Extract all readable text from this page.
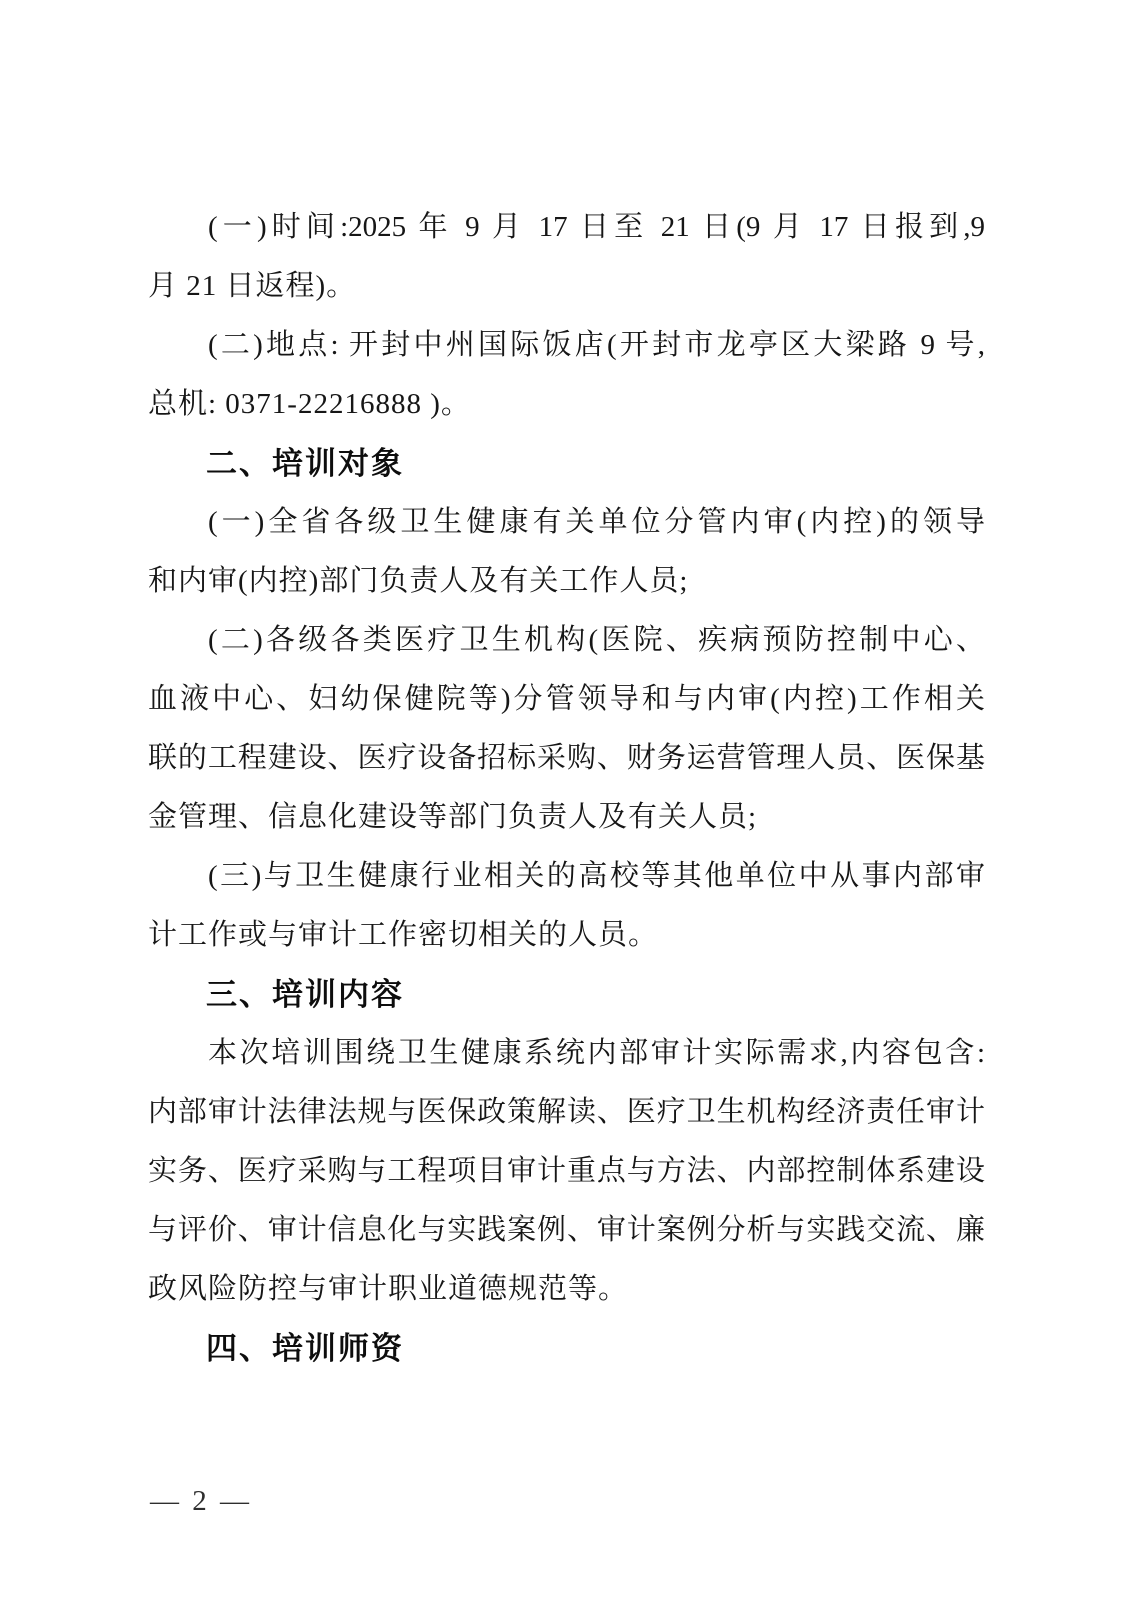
(一)时间:2025 年 9 月 17 日至 21 日(9 月 17 日报到,9
月 21 日返程)。
(二)地点: 开封中州国际饭店(开封市龙亭区大梁路 9 号,
总机: 0371-22216888 )。
二、培训对象
(一)全省各级卫生健康有关单位分管内审(内控)的领导
和内审(内控)部门负责人及有关工作人员;
(二)各级各类医疗卫生机构(医院、疾病预防控制中心、
血液中心、妇幼保健院等)分管领导和与内审(内控)工作相关
联的工程建设、医疗设备招标采购、财务运营管理人员、医保基
金管理、信息化建设等部门负责人及有关人员;
(三)与卫生健康行业相关的高校等其他单位中从事内部审
计工作或与审计工作密切相关的人员。
三、培训内容
本次培训围绕卫生健康系统内部审计实际需求,内容包含:
内部审计法律法规与医保政策解读、医疗卫生机构经济责任审计
实务、医疗采购与工程项目审计重点与方法、内部控制体系建设
与评价、审计信息化与实践案例、审计案例分析与实践交流、廉
政风险防控与审计职业道德规范等。
四、培训师资
— 2 —
